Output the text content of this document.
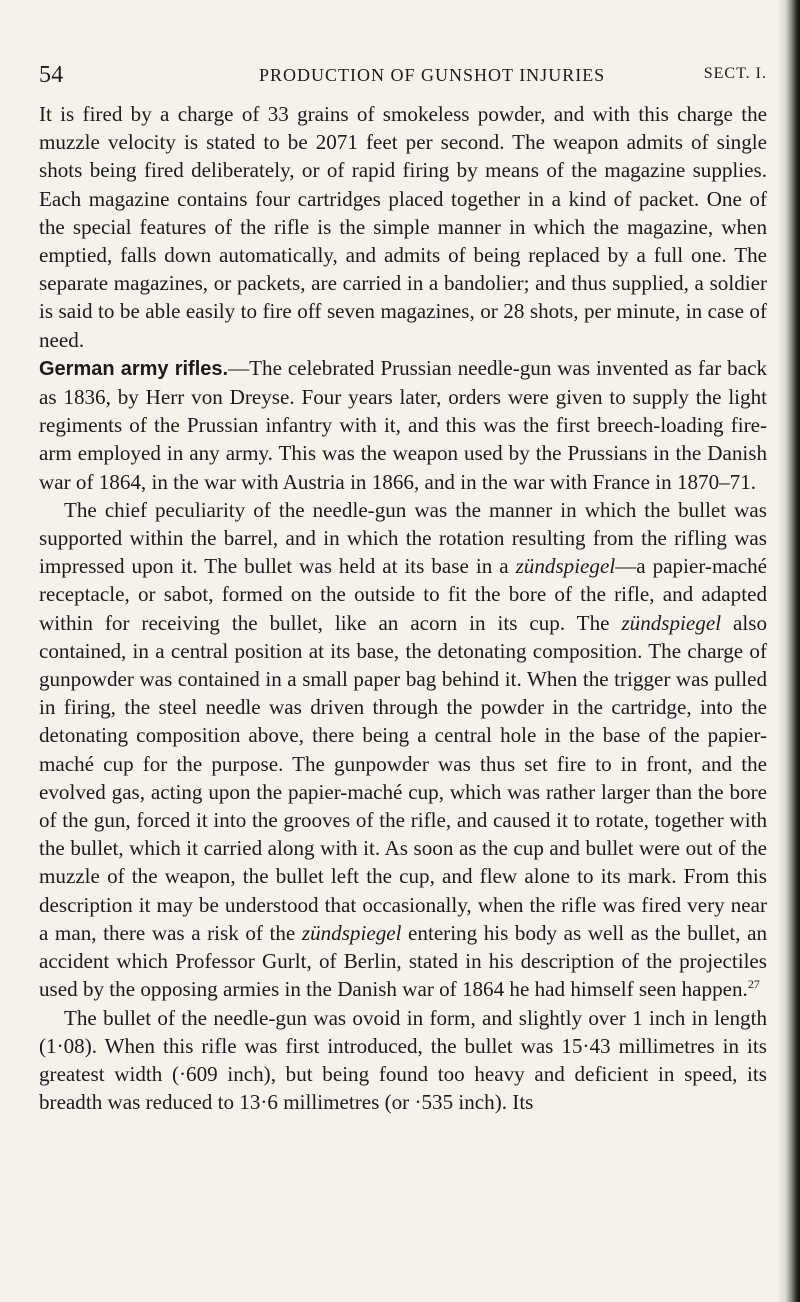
54	PRODUCTION OF GUNSHOT INJURIES	SECT. I.

It is fired by a charge of 33 grains of smokeless powder, and with this charge the muzzle velocity is stated to be 2071 feet per second. The weapon admits of single shots being fired deliberately, or of rapid firing by means of the magazine supplies. Each magazine contains four cartridges placed together in a kind of packet. One of the special features of the rifle is the simple manner in which the magazine, when emptied, falls down automatically, and admits of being replaced by a full one. The separate magazines, or packets, are carried in a bandolier; and thus supplied, a soldier is said to be able easily to fire off seven magazines, or 28 shots, per minute, in case of need.

German army rifles.—The celebrated Prussian needle-gun was invented as far back as 1836, by Herr von Dreyse. Four years later, orders were given to supply the light regiments of the Prussian infantry with it, and this was the first breech-loading fire-arm employed in any army. This was the weapon used by the Prussians in the Danish war of 1864, in the war with Austria in 1866, and in the war with France in 1870–71.

The chief peculiarity of the needle-gun was the manner in which the bullet was supported within the barrel, and in which the rotation resulting from the rifling was impressed upon it. The bullet was held at its base in a zündspiegel—a papier-maché receptacle, or sabot, formed on the outside to fit the bore of the rifle, and adapted within for receiving the bullet, like an acorn in its cup. The zündspiegel also contained, in a central position at its base, the detonating composition. The charge of gunpowder was contained in a small paper bag behind it. When the trigger was pulled in firing, the steel needle was driven through the powder in the cartridge, into the detonating composition above, there being a central hole in the base of the papier-maché cup for the purpose. The gunpowder was thus set fire to in front, and the evolved gas, acting upon the papier-maché cup, which was rather larger than the bore of the gun, forced it into the grooves of the rifle, and caused it to rotate, together with the bullet, which it carried along with it. As soon as the cup and bullet were out of the muzzle of the weapon, the bullet left the cup, and flew alone to its mark. From this description it may be understood that occasionally, when the rifle was fired very near a man, there was a risk of the zündspiegel entering his body as well as the bullet, an accident which Professor Gurlt, of Berlin, stated in his description of the projectiles used by the opposing armies in the Danish war of 1864 he had himself seen happen.$^{27}$

The bullet of the needle-gun was ovoid in form, and slightly over 1 inch in length (1·08). When this rifle was first introduced, the bullet was 15·43 millimetres in its greatest width (·609 inch), but being found too heavy and deficient in speed, its breadth was reduced to 13·6 millimetres (or ·535 inch). Its
